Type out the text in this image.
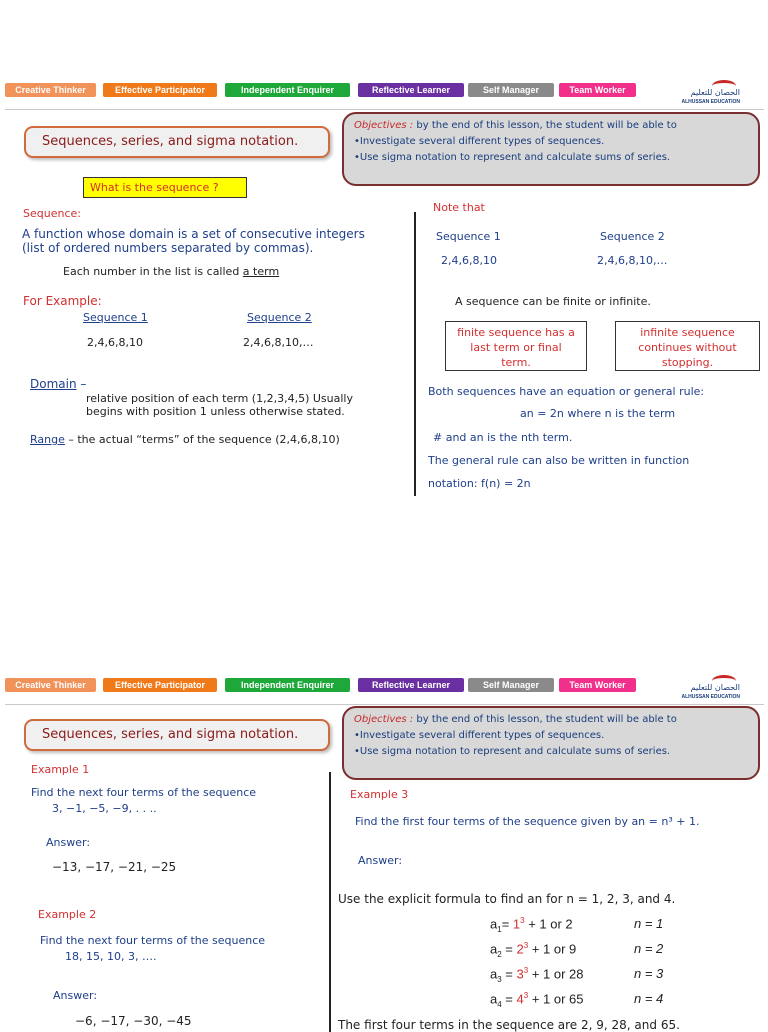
Creative Thinker	Effective Participator	Independent Enquirer	Reflective Learner	Self Manager	Team Worker	الحصان للتعليم
ALHUSSAN EDUCATION
Sequences, series, and sigma notation.
Objectives : by the end of this lesson, the student will be able to
•Investigate several different types of sequences.
•Use sigma notation to represent and calculate sums of series.
What is the sequence ?
Sequence:
A function whose domain is a set of consecutive integers
(list of ordered numbers separated by commas).
Each number in the list is called a term
For Example:
Sequence 1	Sequence 2
2,4,6,8,10	2,4,6,8,10,…
Domain –
relative position of each term (1,2,3,4,5) Usually
begins with position 1 unless otherwise stated.
Range – the actual “terms” of the sequence (2,4,6,8,10)
Note that
Sequence 1	Sequence 2
2,4,6,8,10	2,4,6,8,10,…
A sequence can be finite or infinite.
finite sequence has a
last term or final
term.
infinite sequence
continues without
stopping.
Both sequences have an equation or general rule:
an = 2n where n is the term
# and an is the nth term.
The general rule can also be written in function
notation: f(n) = 2n
Creative Thinker	Effective Participator	Independent Enquirer	Reflective Learner	Self Manager	Team Worker	الحصان للتعليم
ALHUSSAN EDUCATION
Sequences, series, and sigma notation.
Objectives : by the end of this lesson, the student will be able to
•Investigate several different types of sequences.
•Use sigma notation to represent and calculate sums of series.
Example 1
Find the next four terms of the sequence
3, −1, −5, −9, . . ..
Answer:
−13, −17, −21, −25
Example 2
Find the next four terms of the sequence
18, 15, 10, 3, ….
Answer:
−6, −17, −30, −45
Example 3
Find the first four terms of the sequence given by an = n³ + 1.
Answer:
Use the explicit formula to find an for n = 1, 2, 3, and 4.
$a_1= 1^3 + 1$ or 2	n = 1
$a_2 = 2^3 + 1$ or 9	n = 2
$a_3 = 3^3 + 1$ or 28	n = 3
$a_4 = 4^3 + 1$ or 65	n = 4
The first four terms in the sequence are 2, 9, 28, and 65.
